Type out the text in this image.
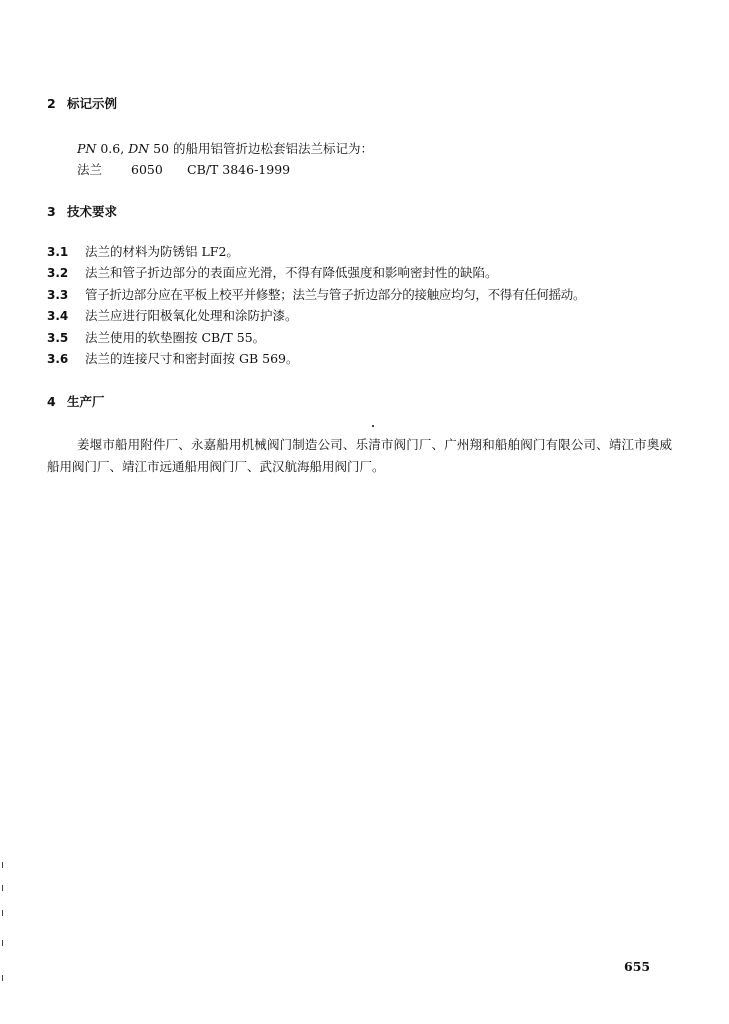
2 标记示例
PN 0.6, DN 50 的船用铝管折边松套铝法兰标记为：
法兰 6050 CB/T 3846-1999
3 技术要求
3.1 法兰的材料为防锈铝 LF2。
3.2 法兰和管子折边部分的表面应光滑，不得有降低强度和影响密封性的缺陷。
3.3 管子折边部分应在平板上校平并修整；法兰与管子折边部分的接触应均匀，不得有任何摇动。
3.4 法兰应进行阳极氧化处理和涂防护漆。
3.5 法兰使用的软垫圈按 CB/T 55。
3.6 法兰的连接尺寸和密封面按 GB 569。
4 生产厂
姜堰市船用附件厂、永嘉船用机械阀门制造公司、乐清市阀门厂、广州翔和船舶阀门有限公司、靖江市奥威船用阀门厂、靖江市远通船用阀门厂、武汉航海船用阀门厂。
655
